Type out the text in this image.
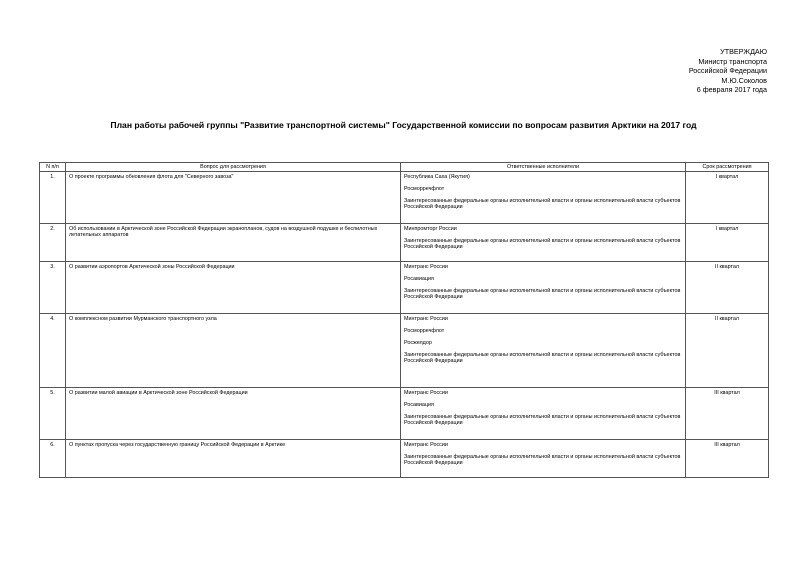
УТВЕРЖДАЮ
Министр транспорта
Российской Федерации
М.Ю.Соколов
6 февраля 2017 года
План работы рабочей группы "Развитие транспортной системы" Государственной комиссии по вопросам развития Арктики на 2017 год
N п/п	Вопрос для рассмотрения	Ответственные исполнители	Срок рассмотрения
1.	О проекте программы обновления флота для "Северного завоза"	Республика Саха (Якутия)
Росморречфлот
Заинтересованные федеральные органы исполнительной власти и органы исполнительной власти субъектов Российской Федерации	I квартал
2.	Об использовании в Арктической зоне Российской Федерации экранопланов, судов на воздушной подушке и беспилотных летательных аппаратов	Минпромторг России
Заинтересованные федеральные органы исполнительной власти и органы исполнительной власти субъектов Российской Федерации	I квартал
3.	О развитии аэропортов Арктической зоны Российской Федерации	Минтранс России
Росавиация
Заинтересованные федеральные органы исполнительной власти и органы исполнительной власти субъектов Российской Федерации	II квартал
4.	О комплексном развитии Мурманского транспортного узла	Минтранс России
Росморречфлот
Росжелдор
Заинтересованные федеральные органы исполнительной власти и органы исполнительной власти субъектов Российской Федерации	II квартал
5.	О развитии малой авиации в Арктической зоне Российской Федерации	Минтранс России
Росавиация
Заинтересованные федеральные органы исполнительной власти и органы исполнительной власти субъектов Российской Федерации	III квартал
6.	О пунктах пропуска через государственную границу Российской Федерации в Арктике	Минтранс России
Заинтересованные федеральные органы исполнительной власти и органы исполнительной власти субъектов Российской Федерации	III квартал
